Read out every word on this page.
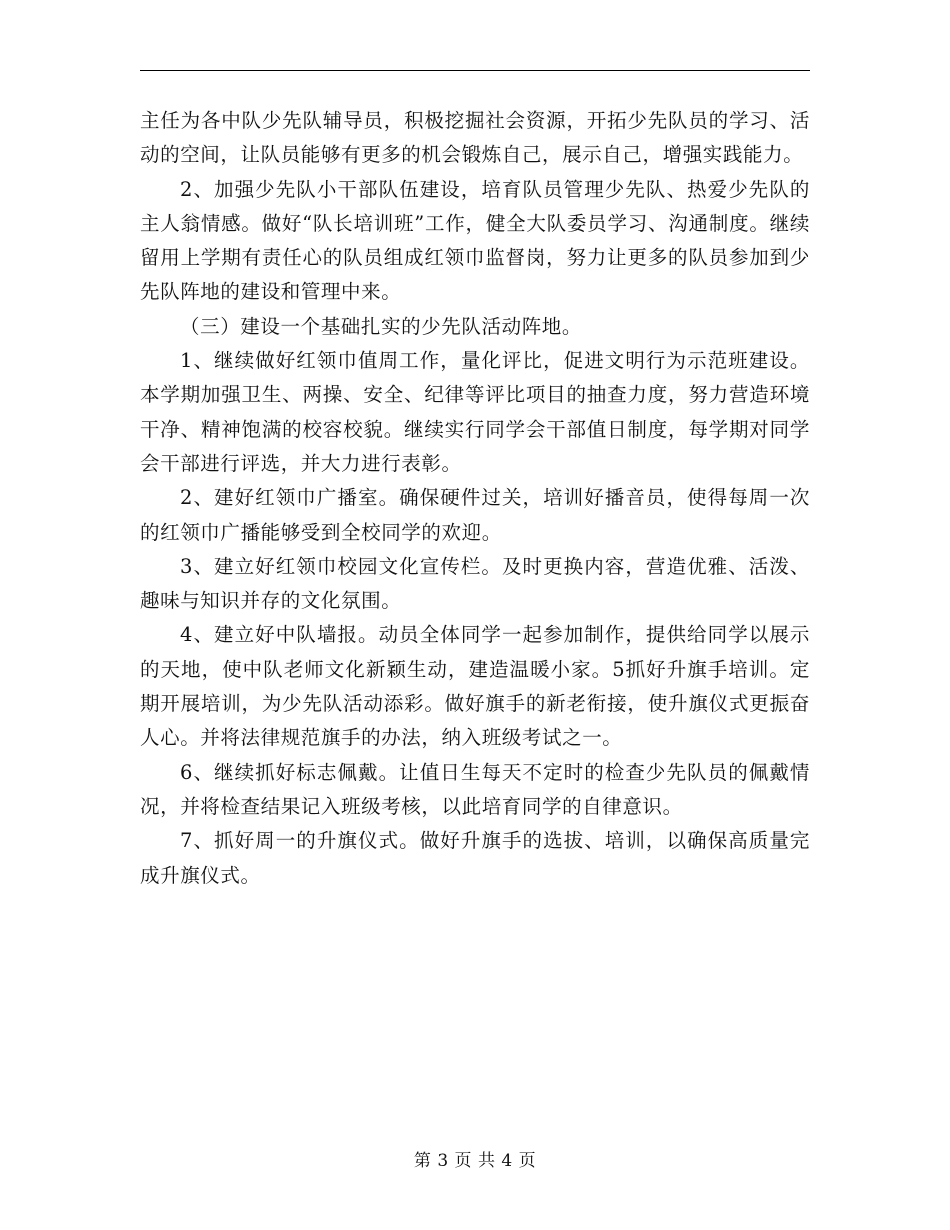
主任为各中队少先队辅导员，积极挖掘社会资源，开拓少先队员的学习、活动的空间，让队员能够有更多的机会锻炼自己，展示自己，增强实践能力。

2、加强少先队小干部队伍建设，培育队员管理少先队、热爱少先队的主人翁情感。做好“队长培训班”工作，健全大队委员学习、沟通制度。继续留用上学期有责任心的队员组成红领巾监督岗，努力让更多的队员参加到少先队阵地的建设和管理中来。

（三）建设一个基础扎实的少先队活动阵地。

1、继续做好红领巾值周工作，量化评比，促进文明行为示范班建设。本学期加强卫生、两操、安全、纪律等评比项目的抽查力度，努力营造环境干净、精神饱满的校容校貌。继续实行同学会干部值日制度，每学期对同学会干部进行评选，并大力进行表彰。

2、建好红领巾广播室。确保硬件过关，培训好播音员，使得每周一次的红领巾广播能够受到全校同学的欢迎。

3、建立好红领巾校园文化宣传栏。及时更换内容，营造优雅、活泼、趣味与知识并存的文化氛围。

4、建立好中队墙报。动员全体同学一起参加制作，提供给同学以展示的天地，使中队老师文化新颖生动，建造温暖小家。5抓好升旗手培训。定期开展培训，为少先队活动添彩。做好旗手的新老衔接，使升旗仪式更振奋人心。并将法律规范旗手的办法，纳入班级考试之一。

6、继续抓好标志佩戴。让值日生每天不定时的检查少先队员的佩戴情况，并将检查结果记入班级考核，以此培育同学的自律意识。

7、抓好周一的升旗仪式。做好升旗手的选拔、培训，以确保高质量完成升旗仪式。

第 3 页 共 4 页
